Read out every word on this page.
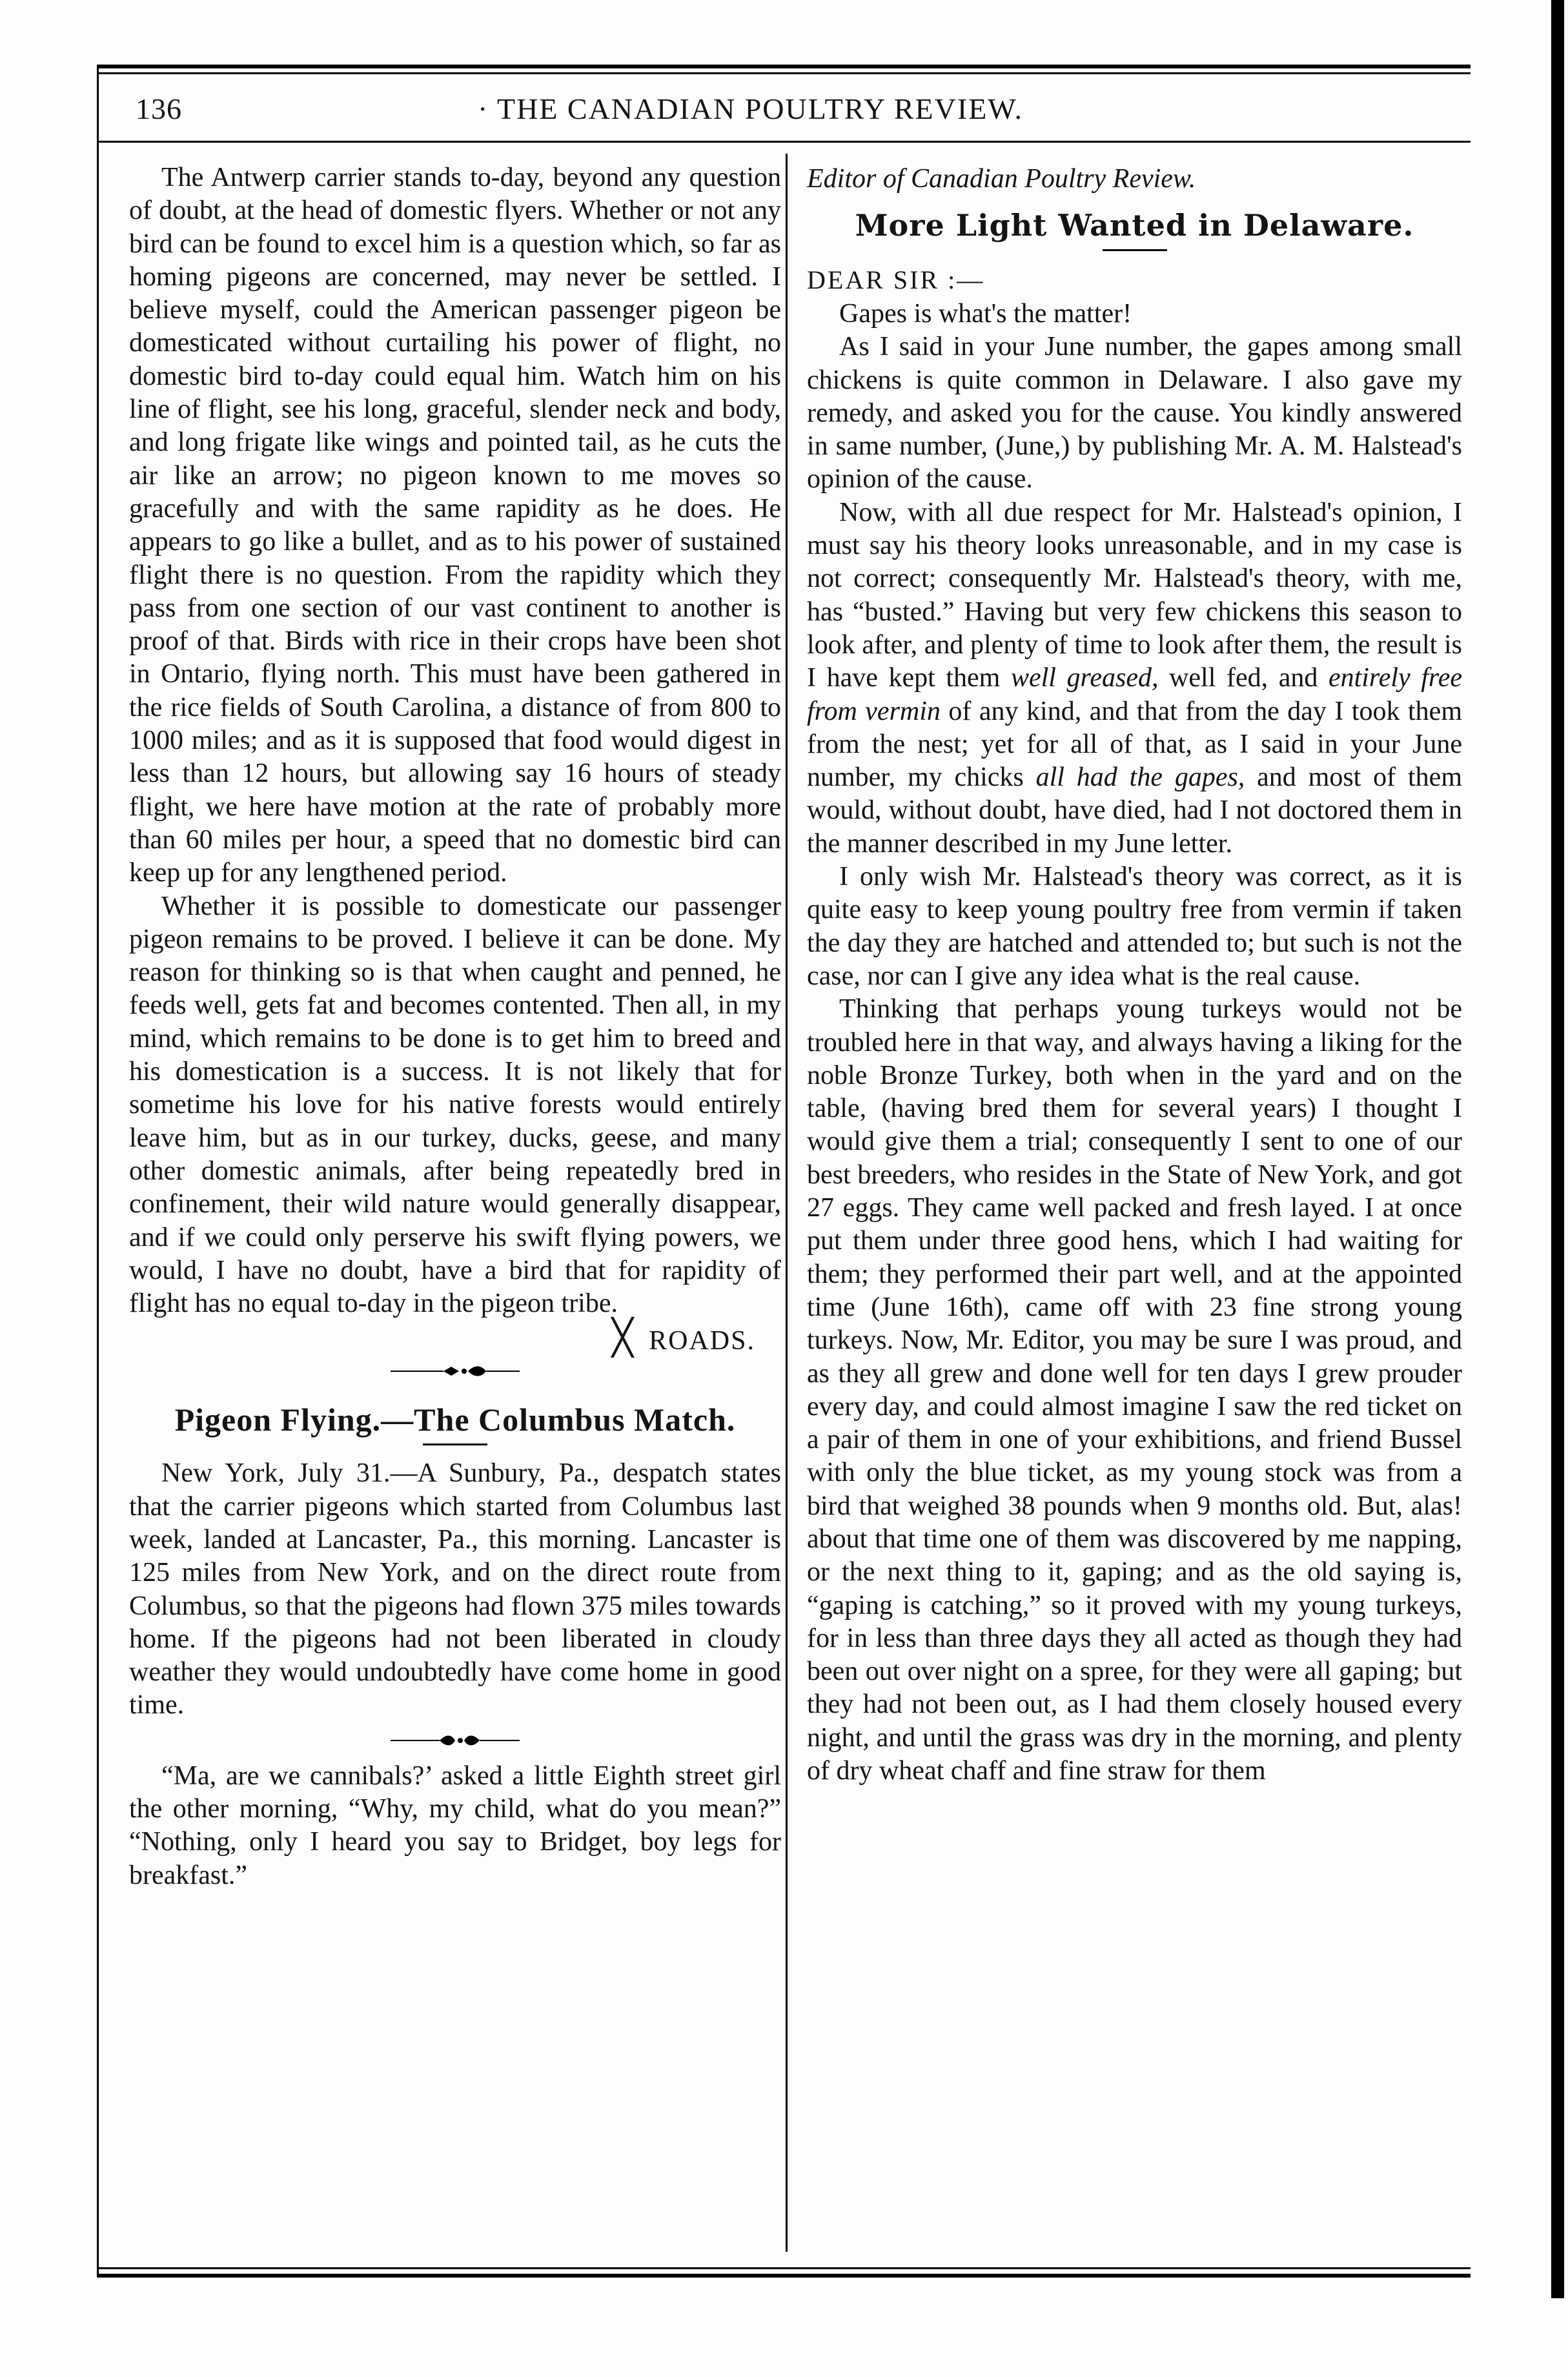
136	· THE CANADIAN POULTRY REVIEW.

The Antwerp carrier stands to-day, beyond any question of doubt, at the head of domestic flyers. Whether or not any bird can be found to excel him is a question which, so far as homing pigeons are concerned, may never be settled. I believe myself, could the American passenger pigeon be domesticated without curtailing his power of flight, no domestic bird to-day could equal him. Watch him on his line of flight, see his long, graceful, slender neck and body, and long frigate like wings and pointed tail, as he cuts the air like an arrow; no pigeon known to me moves so gracefully and with the same rapidity as he does. He appears to go like a bullet, and as to his power of sustained flight there is no question. From the rapidity which they pass from one section of our vast continent to another is proof of that. Birds with rice in their crops have been shot in Ontario, flying north. This must have been gathered in the rice fields of South Carolina, a distance of from 800 to 1000 miles; and as it is supposed that food would digest in less than 12 hours, but allowing say 16 hours of steady flight, we here have motion at the rate of probably more than 60 miles per hour, a speed that no domestic bird can keep up for any lengthened period.

Whether it is possible to domesticate our passenger pigeon remains to be proved. I believe it can be done. My reason for thinking so is that when caught and penned, he feeds well, gets fat and becomes contented. Then all, in my mind, which remains to be done is to get him to breed and his domestication is a success. It is not likely that for sometime his love for his native forests would entirely leave him, but as in our turkey, ducks, geese, and many other domestic animals, after being repeatedly bred in confinement, their wild nature would generally disappear, and if we could only perserve his swift flying powers, we would, I have no doubt, have a bird that for rapidity of flight has no equal to-day in the pigeon tribe.

╳ ROADS.

Pigeon Flying.—The Columbus Match.

New York, July 31.—A Sunbury, Pa., despatch states that the carrier pigeons which started from Columbus last week, landed at Lancaster, Pa., this morning. Lancaster is 125 miles from New York, and on the direct route from Columbus, so that the pigeons had flown 375 miles towards home. If the pigeons had not been liberated in cloudy weather they would undoubtedly have come home in good time.

“Ma, are we cannibals?’ asked a little Eighth street girl the other morning, “Why, my child, what do you mean?” “Nothing, only I heard you say to Bridget, boy legs for breakfast.”

Editor of Canadian Poultry Review.

More Light Wanted in Delaware.

DEAR SIR :—

Gapes is what's the matter!

As I said in your June number, the gapes among small chickens is quite common in Delaware. I also gave my remedy, and asked you for the cause. You kindly answered in same number, (June,) by publishing Mr. A. M. Halstead's opinion of the cause.

Now, with all due respect for Mr. Halstead's opinion, I must say his theory looks unreasonable, and in my case is not correct; consequently Mr. Halstead's theory, with me, has “busted.” Having but very few chickens this season to look after, and plenty of time to look after them, the result is I have kept them well greased, well fed, and entirely free from vermin of any kind, and that from the day I took them from the nest; yet for all of that, as I said in your June number, my chicks all had the gapes, and most of them would, without doubt, have died, had I not doctored them in the manner described in my June letter.

I only wish Mr. Halstead's theory was correct, as it is quite easy to keep young poultry free from vermin if taken the day they are hatched and attended to; but such is not the case, nor can I give any idea what is the real cause.

Thinking that perhaps young turkeys would not be troubled here in that way, and always having a liking for the noble Bronze Turkey, both when in the yard and on the table, (having bred them for several years) I thought I would give them a trial; consequently I sent to one of our best breeders, who resides in the State of New York, and got 27 eggs. They came well packed and fresh layed. I at once put them under three good hens, which I had waiting for them; they performed their part well, and at the appointed time (June 16th), came off with 23 fine strong young turkeys. Now, Mr. Editor, you may be sure I was proud, and as they all grew and done well for ten days I grew prouder every day, and could almost imagine I saw the red ticket on a pair of them in one of your exhibitions, and friend Bussel with only the blue ticket, as my young stock was from a bird that weighed 38 pounds when 9 months old. But, alas! about that time one of them was discovered by me napping, or the next thing to it, gaping; and as the old saying is, “gaping is catching,” so it proved with my young turkeys, for in less than three days they all acted as though they had been out over night on a spree, for they were all gaping; but they had not been out, as I had them closely housed every night, and until the grass was dry in the morning, and plenty of dry wheat chaff and fine straw for them
